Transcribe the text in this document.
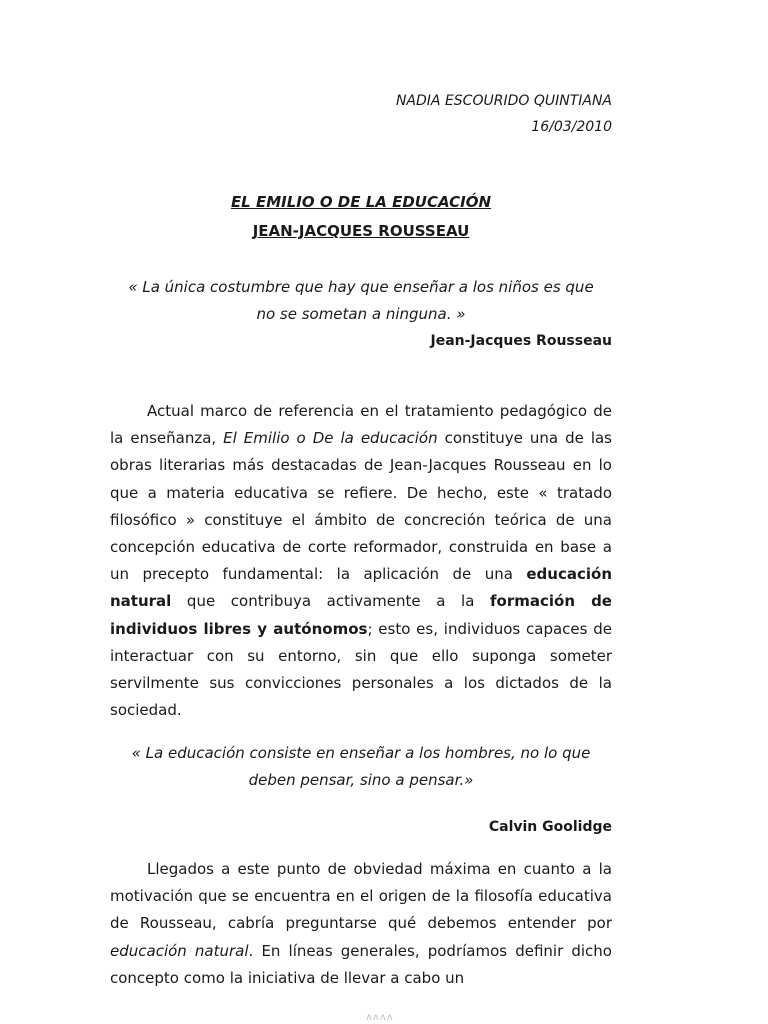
NADIA ESCOURIDO QUINTIANA
16/03/2010
EL EMILIO O DE LA EDUCACIÓN
JEAN-JACQUES ROUSSEAU
« La única costumbre que hay que enseñar a los niños es que
no se sometan a ninguna. »
Jean-Jacques Rousseau

Actual marco de referencia en el tratamiento pedagógico de la enseñanza, El Emilio o De la educación constituye una de las obras literarias más destacadas de Jean-Jacques Rousseau en lo que a materia educativa se refiere. De hecho, este « tratado filosófico » constituye el ámbito de concreción teórica de una concepción educativa de corte reformador, construida en base a un precepto fundamental: la aplicación de una educación natural que contribuya activamente a la formación de individuos libres y autónomos; esto es, individuos capaces de interactuar con su entorno, sin que ello suponga someter servilmente sus convicciones personales a los dictados de la sociedad.

« La educación consiste en enseñar a los hombres, no lo que
deben pensar, sino a pensar.»
Calvin Goolidge

Llegados a este punto de obviedad máxima en cuanto a la motivación que se encuentra en el origen de la filosofía educativa de Rousseau, cabría preguntarse qué debemos entender por educación natural. En líneas generales, podríamos definir dicho concepto como la iniciativa de llevar a cabo un

ᴧᴧᴧᴧ
